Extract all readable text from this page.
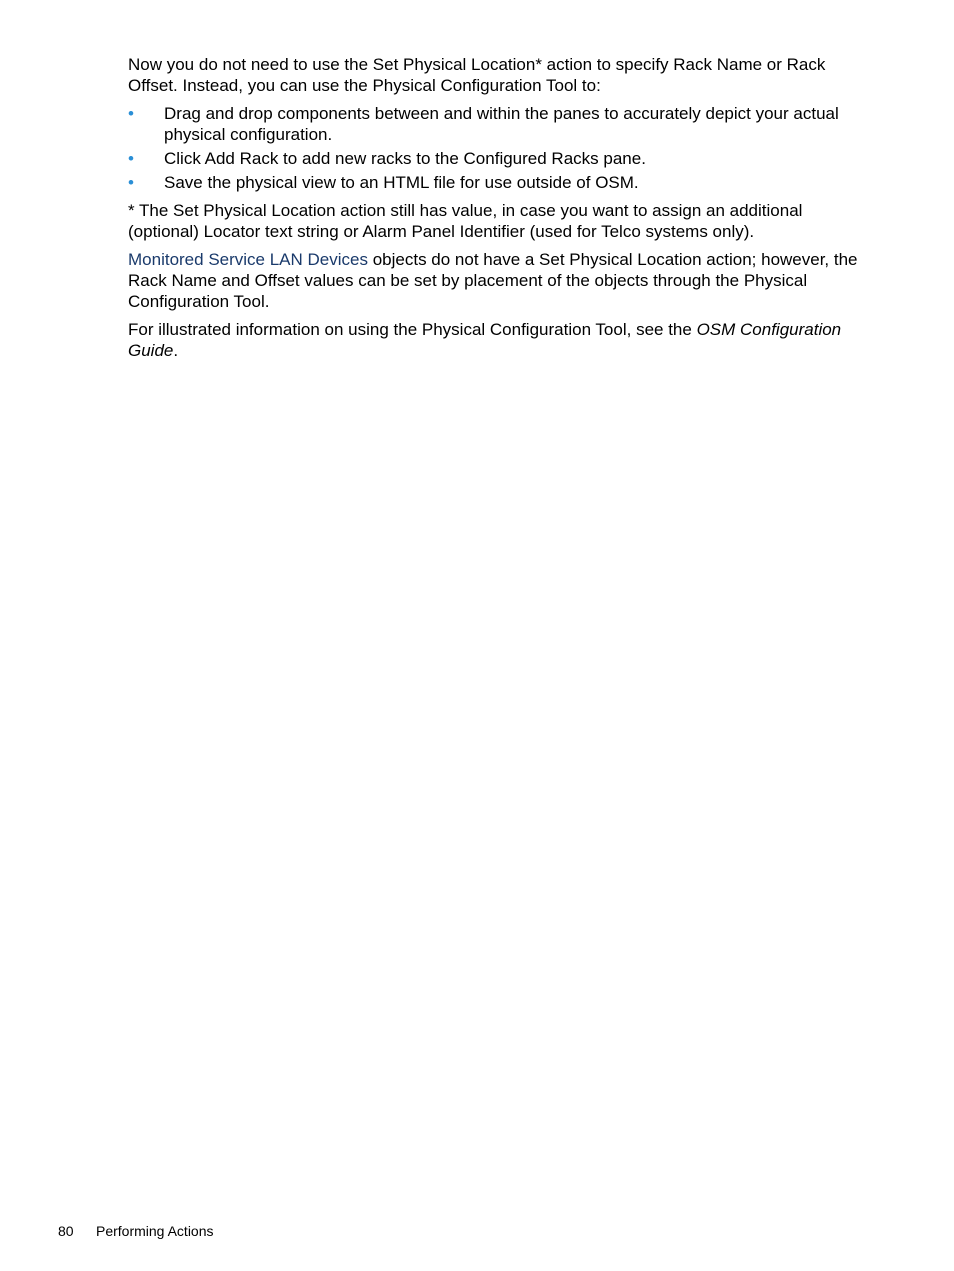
Now you do not need to use the Set Physical Location* action to specify Rack Name or Rack Offset. Instead, you can use the Physical Configuration Tool to:

• Drag and drop components between and within the panes to accurately depict your actual physical configuration.
• Click Add Rack to add new racks to the Configured Racks pane.
• Save the physical view to an HTML file for use outside of OSM.

* The Set Physical Location action still has value, in case you want to assign an additional (optional) Locator text string or Alarm Panel Identifier (used for Telco systems only).

Monitored Service LAN Devices objects do not have a Set Physical Location action; however, the Rack Name and Offset values can be set by placement of the objects through the Physical Configuration Tool.

For illustrated information on using the Physical Configuration Tool, see the OSM Configuration Guide.

80 Performing Actions
